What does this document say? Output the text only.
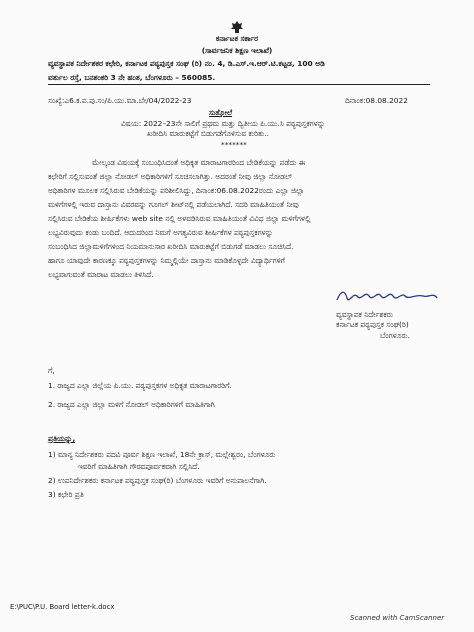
ಕರ್ನಾಟಕ ಸರ್ಕಾರ
(ಸಾರ್ವಜನಿಕ ಶಿಕ್ಷಣ ಇಲಾಖೆ)
ವ್ಯವಸ್ಥಾಪಕ ನಿರ್ದೇಶಕರ ಕಛೇರಿ, ಕರ್ನಾಟಕ ಪಠ್ಯಪುಸ್ತಕ ಸಂಘ (ರಿ) ನಂ. 4, ಡಿ.ಎಸ್.ಇ.ಆರ್.ಟಿ.ಕಟ್ಟಡ, 100 ಅಡಿ
ವರ್ತುಲ ರಸ್ತೆ, ಬನಶಂಕರಿ 3 ನೇ ಹಂತ, ಬೆಂಗಳೂರು – 560085.
ಸಂಖ್ಯೆ:ಎ6.ಕ.ಪ.ಪು.ಸಂ/ಪಿ.ಯು.ಮಾ.ಬೇ/04/2022-23	ದಿನಾಂಕ:08.08.2022
ಸುತ್ತೋಲೆ
ವಿಷಯ: 2022–23ನೇ ಸಾಲಿಗೆ ಪ್ರಥಮ ಮತ್ತು ದ್ವಿತೀಯ ಪಿ.ಯು.ಸಿ ಪಠ್ಯಪುಸ್ತಕಗಳನ್ನು
ಖರೀದಿಸಿ ಮಾರುಕಟ್ಟೆಗೆ ಬಿಡುಗಡೆಗೊಳಿಸುವ ಕುರಿತು..
*******
ಮೇಲ್ಕಂಡ ವಿಷಯಕ್ಕೆ ಸಂಬಂಧಿಸಿದಂತೆ ಅಧಿಕೃತ ಮಾರಾಟಗಾರರಿಂದ ಬೇಡಿಕೆಯನ್ನು ಪಡೆದು ಈ
ಕಛೇರಿಗೆ ಸಲ್ಲಿಸುವಂತೆ ಜಿಲ್ಲಾ ನೋಡಲ್ ಅಧಿಕಾರಿಗಳಿಗೆ ಸೂಚಿಸಲಾಗಿತ್ತು. ಅದರಂತೆ ನೀವು ಜಿಲ್ಲಾ ನೋಡಲ್
ಅಧಿಕಾರಿಗಳ ಮೂಲಕ ಸಲ್ಲಿಸಿರುವ ಬೇಡಿಕೆಯನ್ನು ಪರಿಶೀಲಿಸಿದ್ದು, ದಿನಾಂಕ:06.08.2022ರಂದು ಎಲ್ಲಾ ಜಿಲ್ಲಾ
ಮಳಿಗೆಗಳಲ್ಲಿ ಇರುವ ದಾಸ್ತಾನು ವಿವರವನ್ನು ಗೂಗಲ್ ಶೀಟ್‌ನಲ್ಲಿ ಪಡೆಯಲಾಗಿದೆ. ಸದರಿ ಮಾಹಿತಿಯಂತೆ ನೀವು
ಸಲ್ಲಿಸಿರುವ ಬೇಡಿಕೆಯ ಶೀರ್ಷಿಕೆಗಳು web site ನಲ್ಲಿ ಅಳವಡಿಸಿರುವ ಮಾಹಿತಿಯಂತೆ ವಿವಿಧ ಜಿಲ್ಲಾ ಮಳಿಗೆಗಳಲ್ಲಿ
ಲಭ್ಯವಿರುವುದು ಕಂಡು ಬಂದಿದೆ. ಆದುದರಿಂದ ನಿಮಗೆ ಅಗತ್ಯವಿರುವ ಶೀರ್ಷಿಕೆಗಳ ಪಠ್ಯಪುಸ್ತಕಗಳನ್ನು
ಸಂಬಂಧಿಸಿದ ಜಿಲ್ಲಾಮಳಿಗೆಗಳಿಂದ ನಿಯಮಾನುಸಾರ ಖರೀದಿಸಿ ಮಾರುಕಟ್ಟೆಗೆ ಬಿಡುಗಡೆ ಮಾಡಲು ಸೂಚಿಸಿದೆ.
ಹಾಗೂ ಯಾವುದೇ ಕಾರಣಕ್ಕೂ ಪಠ್ಯಪುಸ್ತಕಗಳನ್ನು ನಿಮ್ಮಲ್ಲಿಯೇ ದಾಸ್ತಾನು ಮಾಡಿಕೊಳ್ಳದೇ ವಿದ್ಯಾರ್ಥಿಗಳಿಗೆ
ಲಭ್ಯವಾಗುವಂತೆ ಮಾರಾಟ ಮಾಡಲು ತಿಳಿಸಿದೆ.
ವ್ಯವಸ್ಥಾಪಕ ನಿರ್ದೇಶಕರು
ಕರ್ನಾಟಕ ಪಠ್ಯಪುಸ್ತಕ ಸಂಘ(ರಿ)
ಬೆಂಗಳೂರು.
ಗೆ,
1. ರಾಜ್ಯದ ಎಲ್ಲಾ ಜಿಲ್ಲೆಯ ಪಿ.ಯು. ಪಠ್ಯಪುಸ್ತಕಗಳ ಅಧಿಕೃತ ಮಾರಾಟಗಾರರಿಗೆ.
2. ರಾಜ್ಯದ ಎಲ್ಲಾ ಜಿಲ್ಲಾ ಮಳಿಗೆ ನೋಡಲ್ ಅಧಿಕಾರಿಗಳಿಗೆ ಮಾಹಿತಿಗಾಗಿ
ಪ್ರತಿಯನ್ನು,
1) ಮಾನ್ಯ ನಿರ್ದೇಶಕರು ಪದವಿ ಪೂರ್ವ ಶಿಕ್ಷಣ ಇಲಾಖೆ, 18ನೇ ಕ್ರಾಸ್, ಮಲ್ಲೇಶ್ವರಂ, ಬೆಂಗಳೂರು
ಇವರಿಗೆ ಮಾಹಿತಿಗಾಗಿ ಗೌರವಪೂರ್ವಕವಾಗಿ ಸಲ್ಲಿಸಿದೆ.
2) ಉಪನಿರ್ದೇಶಕರು ಕರ್ನಾಟಕ ಪಠ್ಯಪುಸ್ತಕ ಸಂಘ(ರಿ) ಬೆಂಗಳೂರು ಇವರಿಗೆ ಅನುಪಾಲನೆಗಾಗಿ.
3) ಕಛೇರಿ ಪ್ರತಿ
E:\PUC\P.U. Board letter-k.docx
Scanned with CamScanner
